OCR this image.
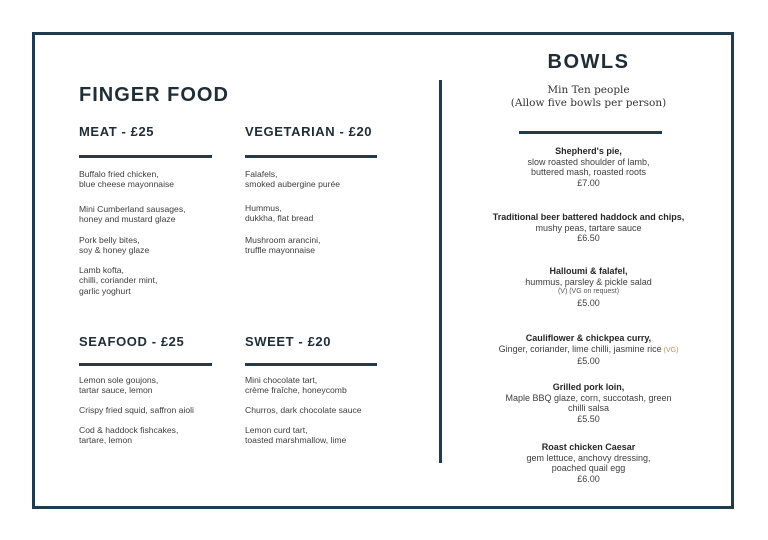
FINGER FOOD
MEAT - £25
Buffalo fried chicken,
blue cheese mayonnaise
Mini Cumberland sausages,
honey and mustard glaze
Pork belly bites,
soy & honey glaze
Lamb kofta,
chilli, coriander mint,
garlic yoghurt
VEGETARIAN - £20
Falafels,
smoked aubergine purée
Hummus,
dukkha, flat bread
Mushroom arancini,
truffle mayonnaise
SEAFOOD - £25
Lemon sole goujons,
tartar sauce, lemon
Crispy fried squid, saffron aioli
Cod & haddock fishcakes,
tartare, lemon
SWEET - £20
Mini chocolate tart,
crème fraîche, honeycomb
Churros, dark chocolate sauce
Lemon curd tart,
toasted marshmallow, lime
BOWLS
Min Ten people
(Allow five bowls per person)
Shepherd's pie,
slow roasted shoulder of lamb,
buttered mash, roasted roots
£7.00
Traditional beer battered haddock and chips,
mushy peas, tartare sauce
£6.50
Halloumi & falafel,
hummus, parsley & pickle salad
(V) (VG on request)
£5.00
Cauliflower & chickpea curry,
Ginger, coriander, lime chilli, jasmine rice (VG)
£5.00
Grilled pork loin,
Maple BBQ glaze, corn, succotash, green
chilli salsa
£5.50
Roast chicken Caesar
gem lettuce, anchovy dressing,
poached quail egg
£6.00
